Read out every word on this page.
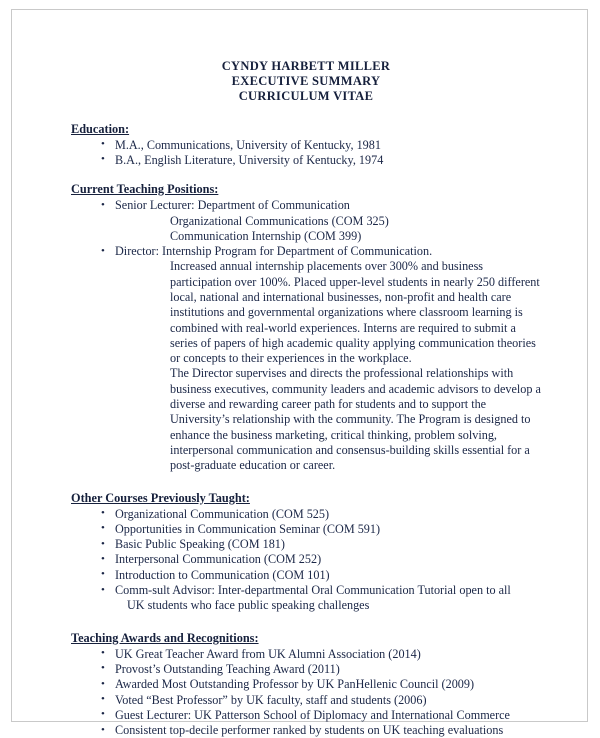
CYNDY HARBETT MILLER
EXECUTIVE SUMMARY
CURRICULUM VITAE
Education:
• M.A., Communications, University of Kentucky, 1981
• B.A., English Literature, University of Kentucky, 1974
Current Teaching Positions:
• Senior Lecturer: Department of Communication
Organizational Communications (COM 325)
Communication Internship (COM 399)
• Director: Internship Program for Department of Communication.

Increased annual internship placements over 300% and business participation over 100%. Placed upper-level students in nearly 250 different local, national and international businesses, non-profit and health care institutions and governmental organizations where classroom learning is combined with real-world experiences. Interns are required to submit a series of papers of high academic quality applying communication theories or concepts to their experiences in the workplace.

The Director supervises and directs the professional relationships with business executives, community leaders and academic advisors to develop a diverse and rewarding career path for students and to support the University’s relationship with the community. The Program is designed to enhance the business marketing, critical thinking, problem solving, interpersonal communication and consensus-building skills essential for a post-graduate education or career.

Other Courses Previously Taught:
• Organizational Communication (COM 525)
• Opportunities in Communication Seminar (COM 591)
• Basic Public Speaking (COM 181)
• Interpersonal Communication (COM 252)
• Introduction to Communication (COM 101)
• Comm-sult Advisor: Inter-departmental Oral Communication Tutorial open to all
UK students who face public speaking challenges
Teaching Awards and Recognitions:
• UK Great Teacher Award from UK Alumni Association (2014)
• Provost’s Outstanding Teaching Award (2011)
• Awarded Most Outstanding Professor by UK PanHellenic Council (2009)
• Voted “Best Professor” by UK faculty, staff and students (2006)
• Guest Lecturer: UK Patterson School of Diplomacy and International Commerce
• Consistent top-decile performer ranked by students on UK teaching evaluations
